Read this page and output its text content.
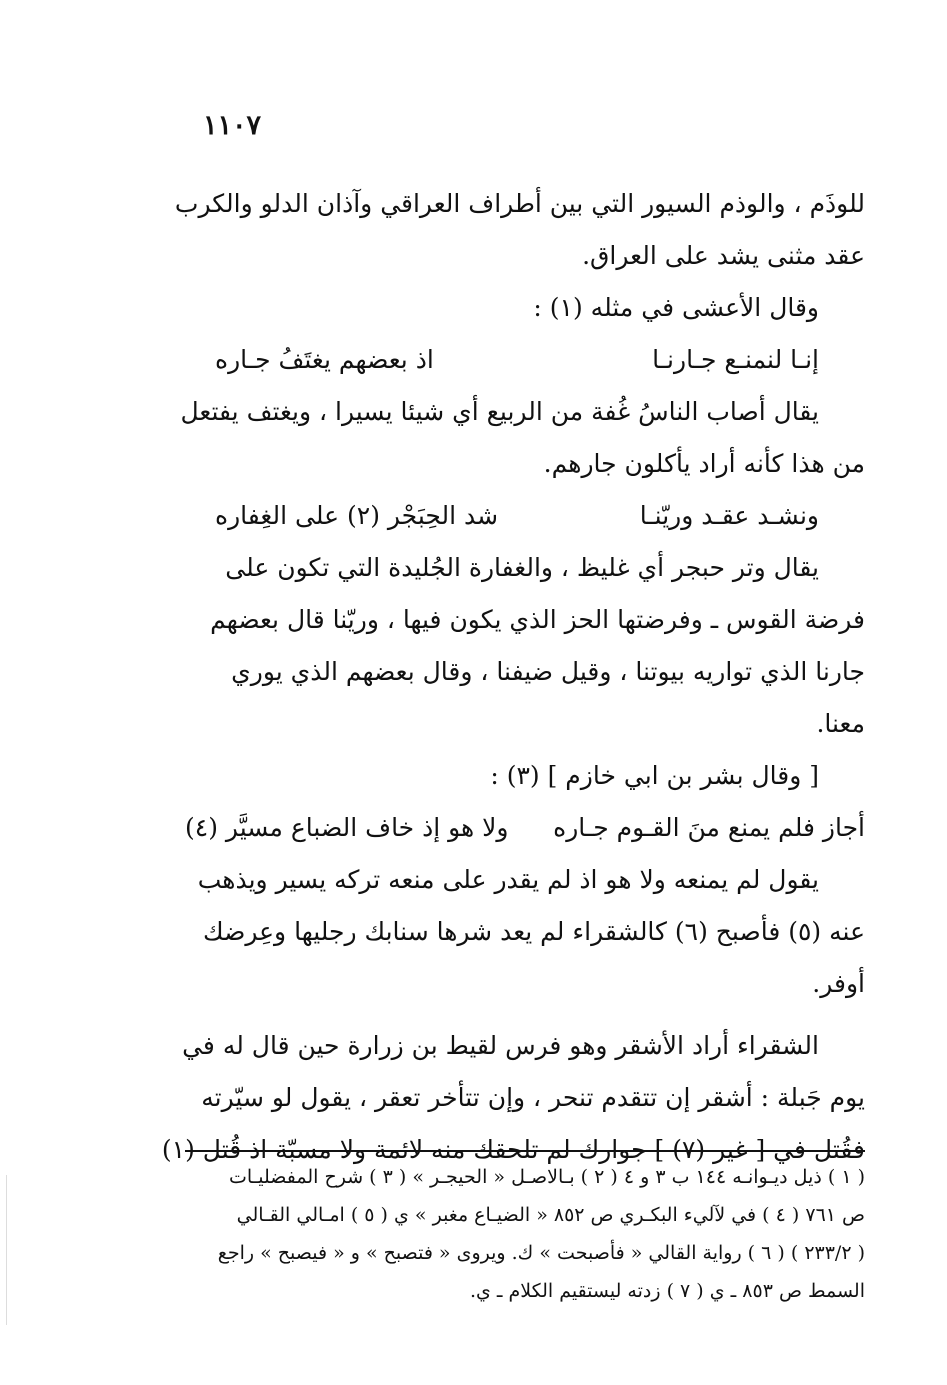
١١٠٧
للوذَم ، والوذم السيور التي بين أطراف العراقي وآذان الدلو والكرب
عقد مثنى يشد على العراق.
وقال الأعشى في مثله (١) :
إنـا لنمنـع جـارنـا
اذ بعضهم يغتَفُ جـاره
يقال أصاب الناسُ غُفة من الربيع أي شيئا يسيرا ، ويغتف يفتعل
من هذا كأنه أراد يأكلون جارهم.
ونشـد عقـد وريّنـا
شد الحِبَجْر (٢) على الغِفاره
يقال وتر حبجر أي غليظ ، والغفارة الجُليدة التي تكون على
فرضة القوس ـ وفرضتها الحز الذي يكون فيها ، وريّنا قال بعضهم
جارنا الذي تواريه بيوتنا ، وقيل ضيفنا ، وقال بعضهم الذي يوري
معنا.
[ وقال بشر بن ابي خازم ] (٣) :
أجاز فلم يمنع منَ القـوم جـاره
ولا هو إذ خاف الضباع مسيَّر (٤)
يقول لم يمنعه ولا هو اذ لم يقدر على منعه تركه يسير ويذهب
عنه (٥) فأصبح (٦) كالشقراء لم يعد شرها سنابك رجليها وعِرضك
أوفر.
الشقراء أراد الأشقر وهو فرس لقيط بن زرارة حين قال له في
يوم جَبلة : أشقر إن تتقدم تنحر ، وإن تتأخر تعقر ، يقول لو سيّرته
فقُتل في [ غير (٧) ] جوارك لم تلحقك منه لائمة ولا مسبّة اذ قُتل (١)
( ١ ) ذيل ديـوانـه ١٤٤ ب ٣ و ٤ ( ٢ ) بـالاصـل « الحيجـر » ( ٣ ) شرح المفضليـات
ص ٧٦١ ( ٤ ) في لآليء البكـري ص ٨٥٢ « الضيـاع مغبر » ي ( ٥ ) امـالي القـالي
( ٢٣٣/٢ ) ( ٦ ) رواية القالي « فأصبحت » ك. ويروى « فتصبح » و « فيصبح » راجع
السمط ص ٨٥٣ ـ ي ( ٧ ) زدته ليستقيم الكلام ـ ي.
